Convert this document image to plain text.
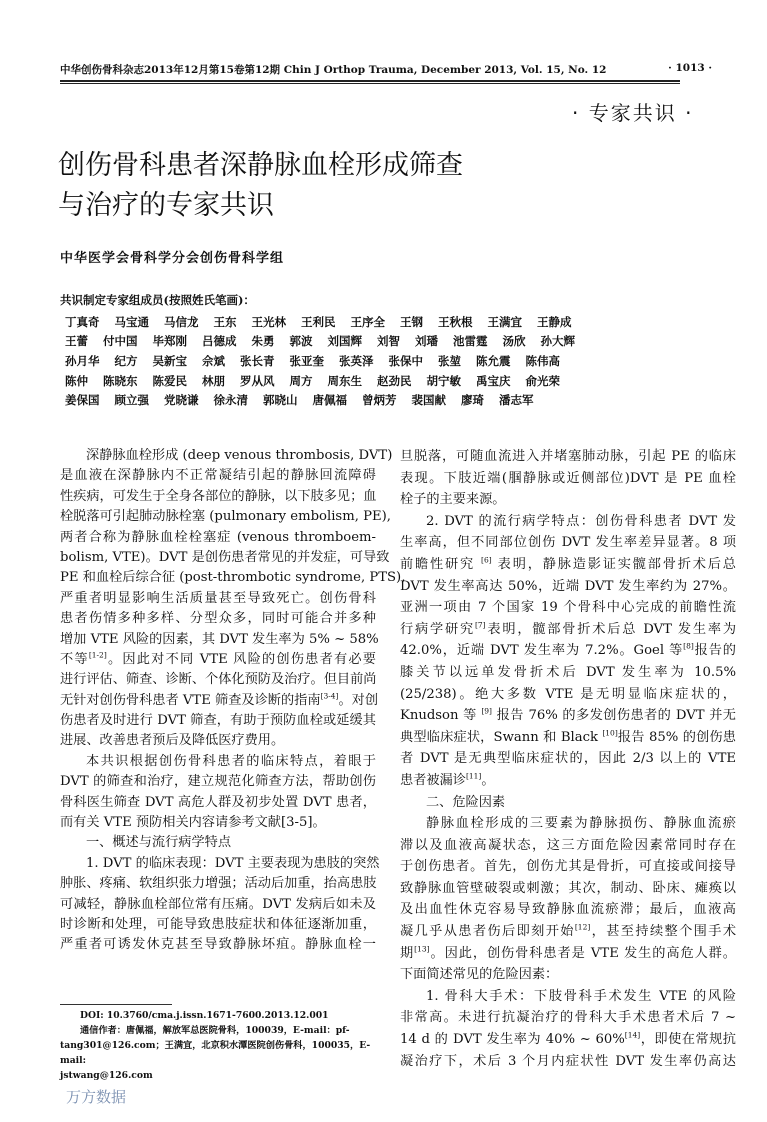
中华创伤骨科杂志2013年12月第15卷第12期 Chin J Orthop Trauma, December 2013, Vol. 15, No. 12	· 1013 ·
· 专家共识 ·
创伤骨科患者深静脉血栓形成筛查
与治疗的专家共识
中华医学会骨科学分会创伤骨科学组
共识制定专家组成员(按照姓氏笔画)：
丁真奇 马宝通 马信龙 王东 王光林 王利民 王序全 王钢 王秋根 王满宜 王静成
王蕾 付中国 毕郑刚 吕德成 朱勇 郭波 刘国辉 刘智 刘璠 池雷霆 汤欣 孙大辉
孙月华 纪方 吴新宝 佘斌 张长青 张亚奎 张英泽 张保中 张堃 陈允震 陈伟高
陈仲 陈晓东 陈爱民 林朋 罗从风 周方 周东生 赵劲民 胡宁敏 禹宝庆 俞光荣
姜保国 顾立强 党晓谦 徐永清 郭晓山 唐佩福 曾炳芳 裴国献 廖琦 潘志军
深静脉血栓形成 (deep venous thrombosis, DVT)
是血液在深静脉内不正常凝结引起的静脉回流障碍
性疾病，可发生于全身各部位的静脉，以下肢多见；血
栓脱落可引起肺动脉栓塞 (pulmonary embolism, PE),
两者合称为静脉血栓栓塞症 (venous thromboem-
bolism, VTE)。DVT 是创伤患者常见的并发症，可导致
PE 和血栓后综合征 (post-thrombotic syndrome, PTS),
严重者明显影响生活质量甚至导致死亡。创伤骨科
患者伤情多种多样、分型众多，同时可能合并多种
增加 VTE 风险的因素，其 DVT 发生率为 5% ~ 58%
不等[1-2]。因此对不同 VTE 风险的创伤患者有必要
进行评估、筛查、诊断、个体化预防及治疗。但目前尚
无针对创伤骨科患者 VTE 筛查及诊断的指南[3-4]。对创
伤患者及时进行 DVT 筛查，有助于预防血栓或延缓其
进展、改善患者预后及降低医疗费用。
本共识根据创伤骨科患者的临床特点，着眼于
DVT 的筛查和治疗，建立规范化筛查方法，帮助创伤
骨科医生筛查 DVT 高危人群及初步处置 DVT 患者，
而有关 VTE 预防相关内容请参考文献[3-5]。
一、概述与流行病学特点
1. DVT 的临床表现：DVT 主要表现为患肢的突然
肿胀、疼痛、软组织张力增强；活动后加重，抬高患肢
可减轻，静脉血栓部位常有压痛。DVT 发病后如未及
时诊断和处理，可能导致患肢症状和体征逐渐加重，
严重者可诱发休克甚至导致静脉坏疽。静脉血栓一
旦脱落，可随血流进入并堵塞肺动脉，引起 PE 的临床
表现。下肢近端(腘静脉或近侧部位)DVT 是 PE 血栓
栓子的主要来源。
2. DVT 的流行病学特点：创伤骨科患者 DVT 发
生率高，但不同部位创伤 DVT 发生率差异显著。8 项
前瞻性研究 [6] 表明，静脉造影证实髋部骨折术后总
DVT 发生率高达 50%，近端 DVT 发生率约为 27%。
亚洲一项由 7 个国家 19 个骨科中心完成的前瞻性流
行病学研究[7]表明，髋部骨折术后总 DVT 发生率为
42.0%，近端 DVT 发生率为 7.2%。Goel 等[8]报告的
膝关节以远单发骨折术后 DVT 发生率为 10.5%
(25/238)。绝大多数 VTE 是无明显临床症状的，
Knudson 等 [9] 报告 76% 的多发创伤患者的 DVT 并无
典型临床症状，Swann 和 Black [10]报告 85% 的创伤患
者 DVT 是无典型临床症状的，因此 2/3 以上的 VTE
患者被漏诊[11]。
二、危险因素
静脉血栓形成的三要素为静脉损伤、静脉血流瘀
滞以及血液高凝状态，这三方面危险因素常同时存在
于创伤患者。首先，创伤尤其是骨折，可直接或间接导
致静脉血管壁破裂或刺激；其次，制动、卧床、瘫痪以
及出血性休克容易导致静脉血流瘀滞；最后，血液高
凝几乎从患者伤后即刻开始[12]，甚至持续整个围手术
期[13]。因此，创伤骨科患者是 VTE 发生的高危人群。
下面简述常见的危险因素：
1. 骨科大手术：下肢骨科手术发生 VTE 的风险
非常高。未进行抗凝治疗的骨科大手术患者术后 7 ~
14 d 的 DVT 发生率为 40% ~ 60%[14]，即使在常规抗
凝治疗下，术后 3 个月内症状性 DVT 发生率仍高达
DOI: 10.3760/cma.j.issn.1671-7600.2013.12.001
通信作者：唐佩福，解放军总医院骨科，100039，E-mail：pf-
tang301@126.com；王满宜，北京积水潭医院创伤骨科，100035，E-mail:
jstwang@126.com
万方数据
